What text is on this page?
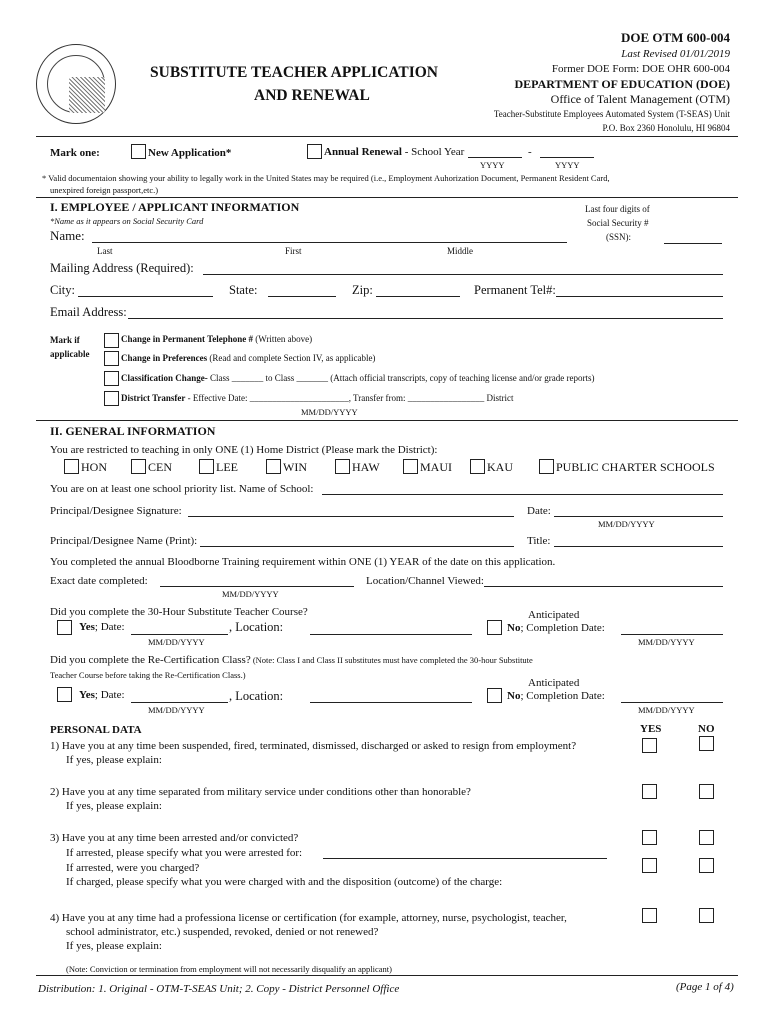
SUBSTITUTE TEACHER APPLICATION
AND RENEWAL
DOE OTM 600-004
Last Revised 01/01/2019
Former DOE Form: DOE OHR 600-004
DEPARTMENT OF EDUCATION (DOE)
Office of Talent Management (OTM)
Teacher-Substitute Employees Automated System (T-SEAS) Unit
P.O. Box 2360 Honolulu, HI 96804
Mark one:	New Application*	Annual Renewal - School Year	-
YYYY	YYYY
* Valid documentaion showing your ability to legally work in the United States may be required (i.e., Employment Auhorization Document, Permanent Resident Card,
unexpired foreign passport,etc.)
I. EMPLOYEE / APPLICANT INFORMATION
*Name as it appears on Social Security Card
Name:
Last	First	Middle
Last four digits of
Social Security #
(SSN):
Mailing Address (Required):
City:	State:	Zip:	Permanent Tel#:
Email Address:
Mark if
applicable
Change in Permanent Telephone # (Written above)
Change in Preferences (Read and complete Section IV, as applicable)
Classification Change- Class _______ to Class _______ (Attach official transcripts, copy of teaching license and/or grade reports)
District Transfer - Effective Date: ______________________, Transfer from: _________________ District
MM/DD/YYYY
II. GENERAL INFORMATION
You are restricted to teaching in only ONE (1) Home District (Please mark the District):
HON	CEN	LEE	WIN	HAW	MAUI	KAU	PUBLIC CHARTER SCHOOLS
You are on at least one school priority list. Name of School:
Principal/Designee Signature:	Date:
MM/DD/YYYY
Principal/Designee Name (Print):	Title:
You completed the annual Bloodborne Training requirement within ONE (1) YEAR of the date on this application.
Exact date completed:
MM/DD/YYYY
Location/Channel Viewed:
Did you complete the 30-Hour Substitute Teacher Course?	Anticipated
Yes; Date:
MM/DD/YYYY
, Location:	No; Completion Date:
MM/DD/YYYY
Did you complete the Re-Certification Class? (Note: Class I and Class II substitutes must have completed the 30-hour Substitute
Teacher Course before taking the Re-Certification Class.)
Anticipated
Yes; Date:
MM/DD/YYYY
, Location:	No; Completion Date:
MM/DD/YYYY
PERSONAL DATA	YES	NO
1) Have you at any time been suspended, fired, terminated, dismissed, discharged or asked to resign from employment?
If yes, please explain:
2) Have you at any time separated from military service under conditions other than honorable?
If yes, please explain:
3) Have you at any time been arrested and/or convicted?
If arrested, please specify what you were arrested for:
If arrested, were you charged?
If charged, please specify what you were charged with and the disposition (outcome) of the charge:
4) Have you at any time had a professiona license or certification (for example, attorney, nurse, psychologist, teacher,
school administrator, etc.) suspended, revoked, denied or not renewed?
If yes, please explain:
(Note: Conviction or termination from employment will not necessarily disqualify an applicant)
Distribution: 1. Original - OTM-T-SEAS Unit; 2. Copy - District Personnel Office	(Page 1 of 4)
